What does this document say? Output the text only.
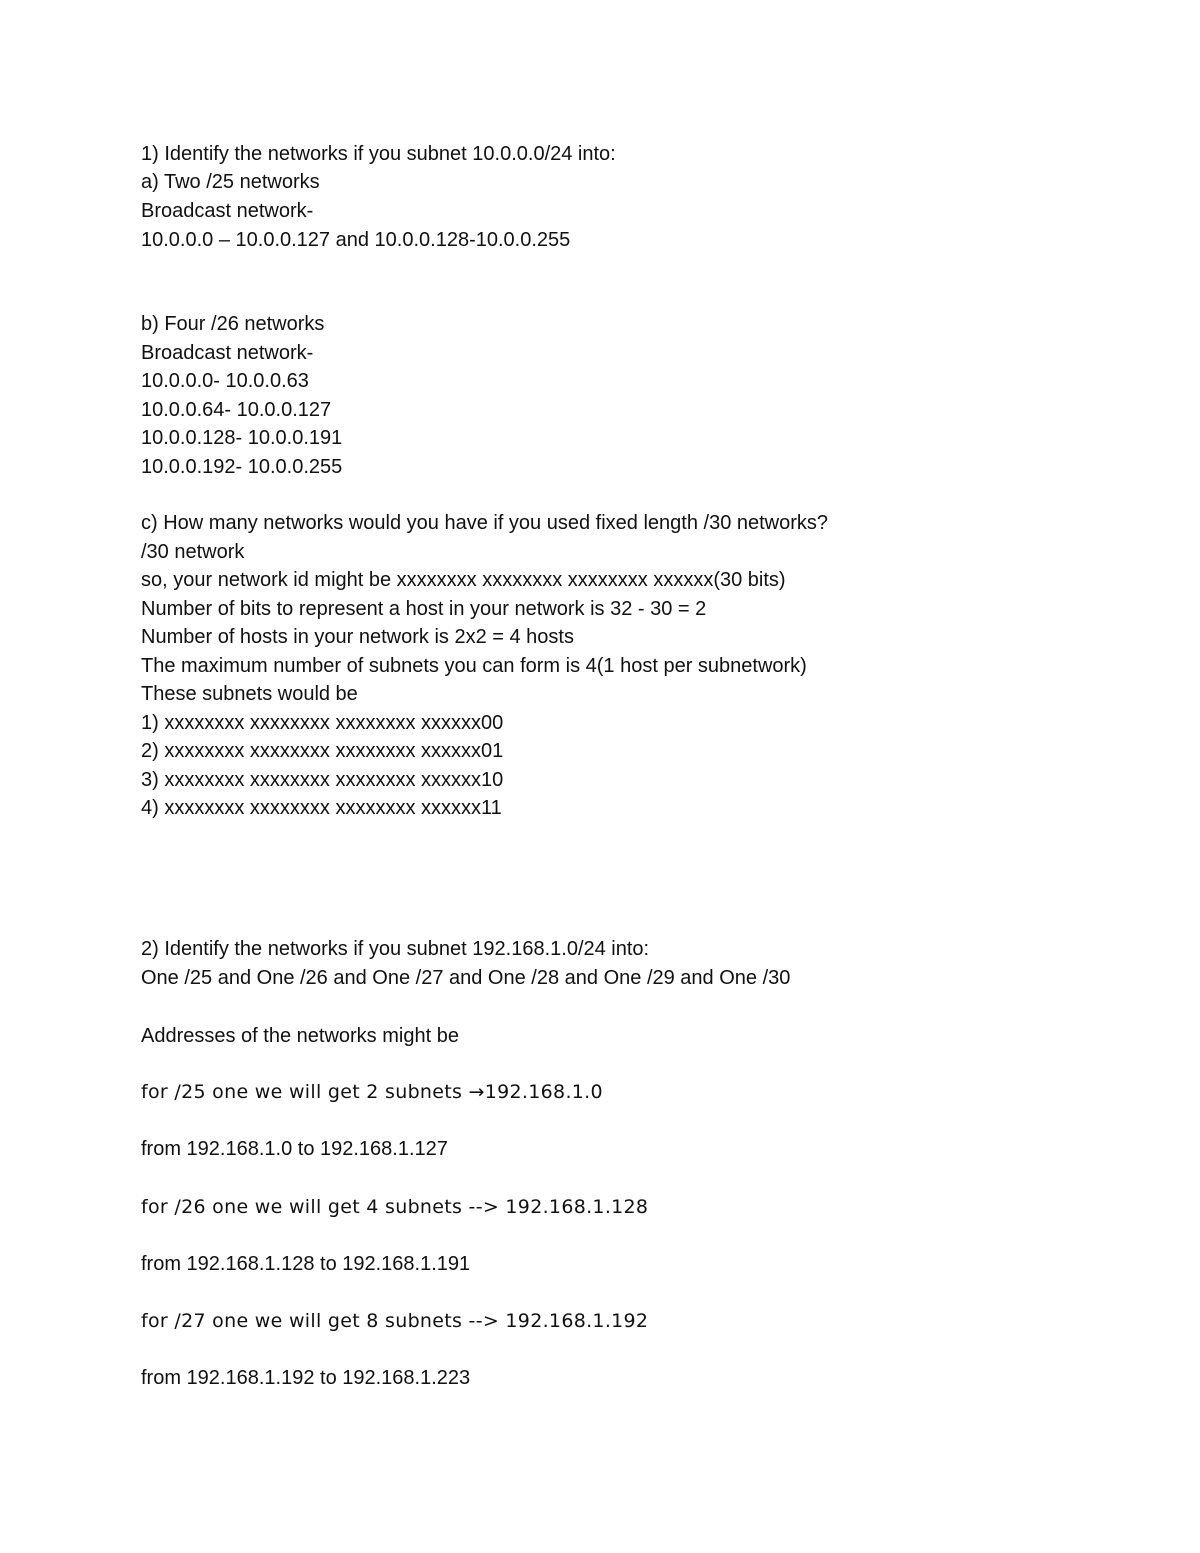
1) Identify the networks if you subnet 10.0.0.0/24 into:
a) Two /25 networks
Broadcast network-
10.0.0.0 – 10.0.0.127 and 10.0.0.128-10.0.0.255
b) Four /26 networks
Broadcast network-
10.0.0.0- 10.0.0.63
10.0.0.64- 10.0.0.127
10.0.0.128- 10.0.0.191
10.0.0.192- 10.0.0.255
c) How many networks would you have if you used fixed length /30 networks?
/30 network
so, your network id might be xxxxxxxx xxxxxxxx xxxxxxxx xxxxxx(30 bits)
Number of bits to represent a host in your network is 32 - 30 = 2
Number of hosts in your network is 2x2 = 4 hosts
The maximum number of subnets you can form is 4(1 host per subnetwork)
These subnets would be
1) xxxxxxxx xxxxxxxx xxxxxxxx xxxxxx00
2) xxxxxxxx xxxxxxxx xxxxxxxx xxxxxx01
3) xxxxxxxx xxxxxxxx xxxxxxxx xxxxxx10
4) xxxxxxxx xxxxxxxx xxxxxxxx xxxxxx11
2) Identify the networks if you subnet 192.168.1.0/24 into:
One /25 and One /26 and One /27 and One /28 and One /29 and One /30
Addresses of the networks might be
for /25 one we will get 2 subnets →192.168.1.0
from 192.168.1.0 to 192.168.1.127
for /26 one we will get 4 subnets --> 192.168.1.128
from 192.168.1.128 to 192.168.1.191
for /27 one we will get 8 subnets --> 192.168.1.192
from 192.168.1.192 to 192.168.1.223
